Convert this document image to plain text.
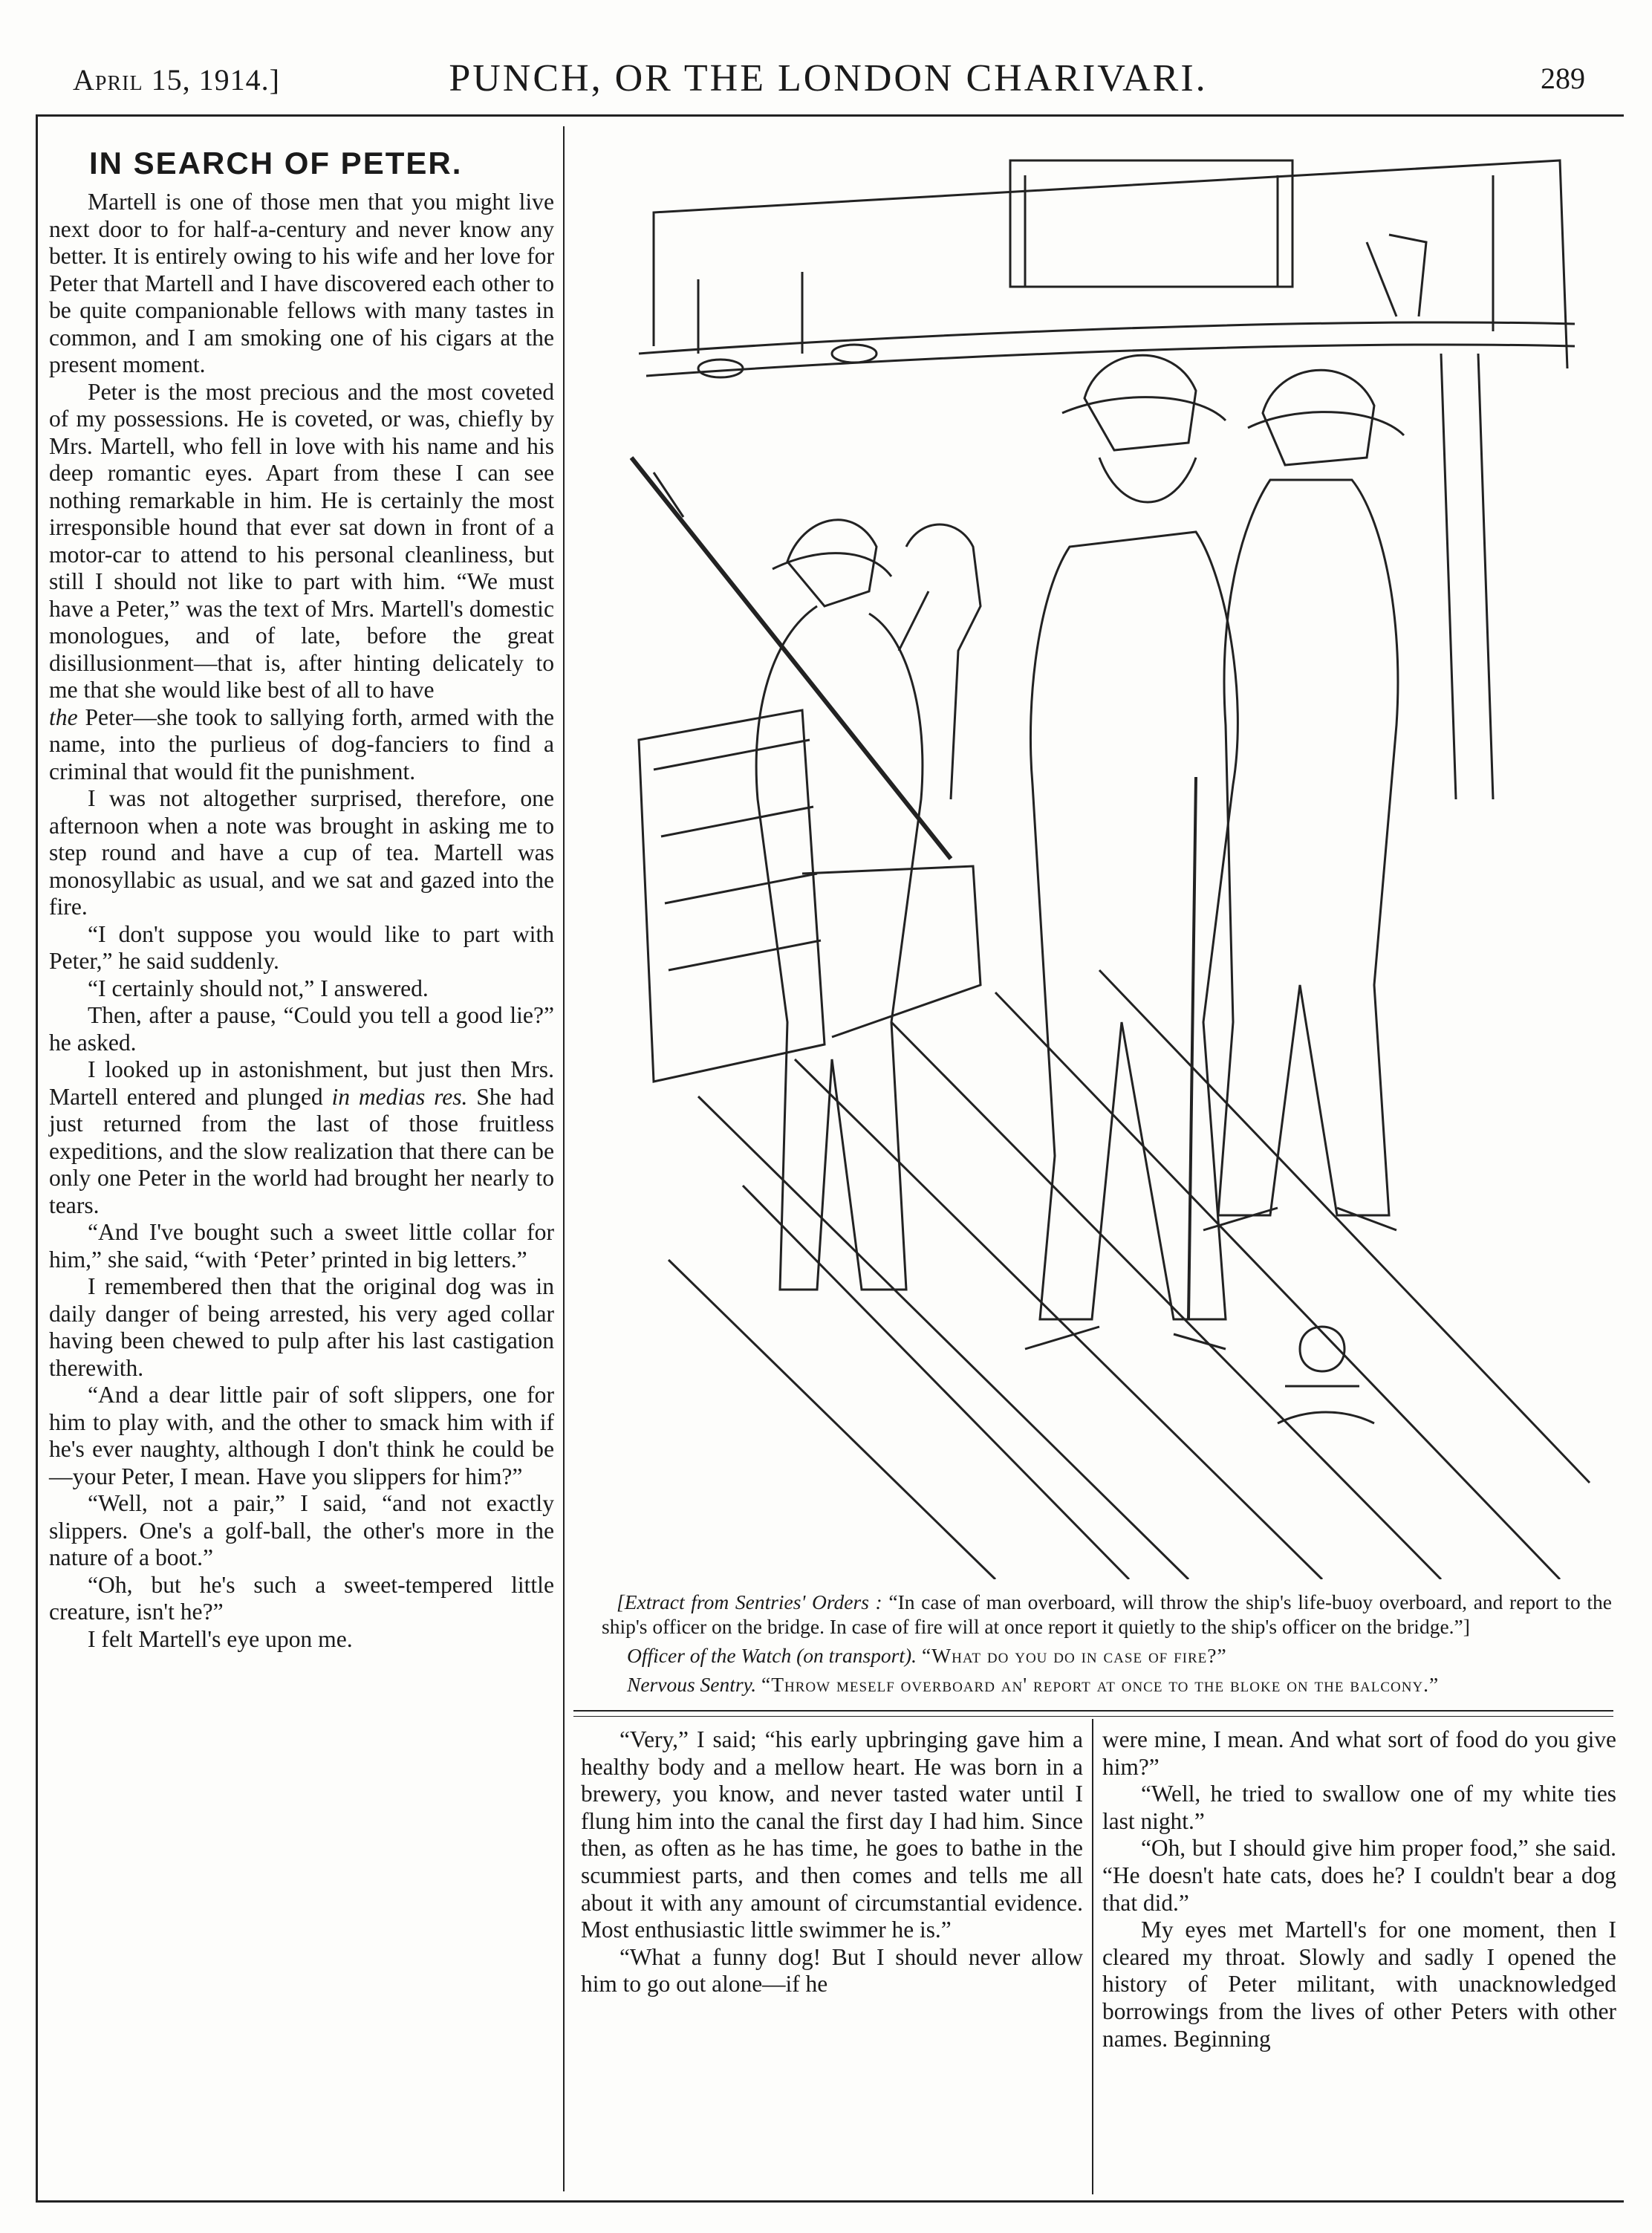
April 15, 1914.]	PUNCH, OR THE LONDON CHARIVARI.	289
IN SEARCH OF PETER.

Martell is one of those men that you might live next door to for half-a-century and never know any better. It is entirely owing to his wife and her love for Peter that Martell and I have discovered each other to be quite companionable fellows with many tastes in common, and I am smoking one of his cigars at the present moment.

Peter is the most precious and the most coveted of my possessions. He is coveted, or was, chiefly by Mrs. Martell, who fell in love with his name and his deep romantic eyes. Apart from these I can see nothing remarkable in him. He is certainly the most irresponsible hound that ever sat down in front of a motor-car to attend to his personal cleanliness, but still I should not like to part with him. “We must have a Peter,” was the text of Mrs. Martell's domestic monologues, and of late, before the great disillusionment—that is, after hinting delicately to me that she would like best of all to have

the Peter—she took to sallying forth, armed with the name, into the purlieus of dog-fanciers to find a criminal that would fit the punishment.

I was not altogether surprised, therefore, one afternoon when a note was brought in asking me to step round and have a cup of tea. Martell was monosyllabic as usual, and we sat and gazed into the fire.

“I don't suppose you would like to part with Peter,” he said suddenly.

“I certainly should not,” I answered.

Then, after a pause, “Could you tell a good lie?” he asked.

I looked up in astonishment, but just then Mrs. Martell entered and plunged in medias res. She had just returned from the last of those fruitless expeditions, and the slow realization that there can be only one Peter in the world had brought her nearly to tears.

“And I've bought such a sweet little collar for him,” she said, “with ‘Peter’ printed in big letters.”

I remembered then that the original dog was in daily danger of being arrested, his very aged collar having been chewed to pulp after his last castigation therewith.

“And a dear little pair of soft slippers, one for him to play with, and the other to smack him with if he's ever naughty, although I don't think he could be—your Peter, I mean. Have you slippers for him?”

“Well, not a pair,” I said, “and not exactly slippers. One's a golf-ball, the other's more in the nature of a boot.”

“Oh, but he's such a sweet-tempered little creature, isn't he?”

I felt Martell's eye upon me.

[Extract from Sentries' Orders : “In case of man overboard, will throw the ship's life-buoy overboard, and report to the ship's officer on the bridge. In case of fire will at once report it quietly to the ship's officer on the bridge.”]

Officer of the Watch (on transport). “What do you do in case of fire?”

Nervous Sentry. “Throw meself overboard an' report at once to the bloke on the balcony.”

“Very,” I said; “his early upbringing gave him a healthy body and a mellow heart. He was born in a brewery, you know, and never tasted water until I flung him into the canal the first day I had him. Since then, as often as he has time, he goes to bathe in the scummiest parts, and then comes and tells me all about it with any amount of circumstantial evidence. Most enthusiastic little swimmer he is.”

“What a funny dog! But I should never allow him to go out alone—if he

were mine, I mean. And what sort of food do you give him?”

“Well, he tried to swallow one of my white ties last night.”

“Oh, but I should give him proper food,” she said. “He doesn't hate cats, does he? I couldn't bear a dog that did.”

My eyes met Martell's for one moment, then I cleared my throat. Slowly and sadly I opened the history of Peter militant, with unacknowledged borrowings from the lives of other Peters with other names. Beginning
